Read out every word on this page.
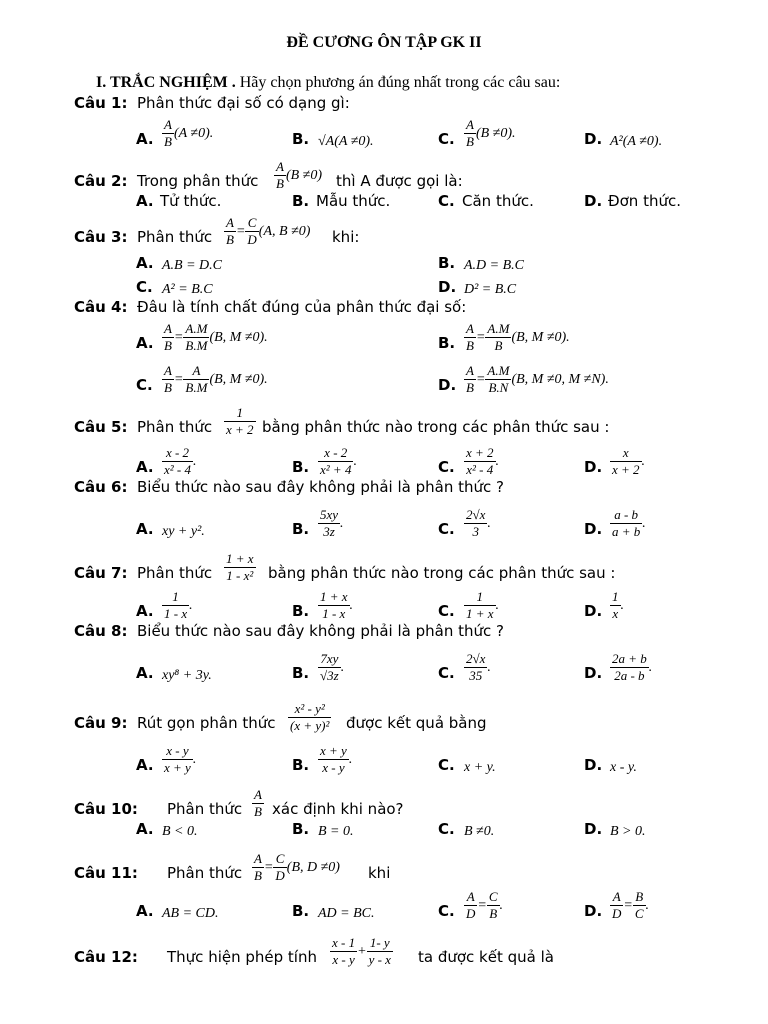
ĐỀ CƯƠNG ÔN TẬP GK II
I. TRẮC NGHIỆM . Hãy chọn phương án đúng nhất trong các câu sau:
Câu 1: Phân thức đại số có dạng gì:
A. $\frac{A}{B} (A \ne 0)$.	B. √A(A ≠0).	C. $\frac{A}{B} (B \ne 0)$.	D. A²(A ≠0).
Câu 2: Trong phân thức $\frac{A}{B} (B \ne 0)$ thì A được gọi là:
A. Tử thức.	B. Mẫu thức.	C. Căn thức.	D. Đơn thức.
Câu 3: Phân thức $\frac{A}{B} = \frac{C}{D} (A$, B ≠0) khi:
A. A.B = D.C	B. A.D = B.C
C. A² = B.C	D. D² = B.C
Câu 4: Đâu là tính chất đúng của phân thức đại số:
A. $\frac{A}{B} = \frac{A.M}{B.M} (B$, M ≠0).	B. $\frac{A}{B} = \frac{A.M}{B} (B$, M ≠0).
C. $\frac{A}{B} = \frac{A}{B.M} (B$, M ≠0).	D. $\frac{A}{B} = \frac{A.M}{B.N} (B$, M ≠0, M ≠N).
Câu 5: Phân thức $\frac{1}{x + 2}$ bằng phân thức nào trong các phân thức sau :
A. $\frac{x - 2}{\text{x² - 4}}$ .	B. $\frac{x - 2}{\text{x² + 4}}$ .	C. $\frac{x + 2}{\text{x² - 4}}$ .	D. $\frac{x}{x + 2}$ .
Câu 6: Biểu thức nào sau đây không phải là phân thức ?
A. xy + y².	B. $\frac{5xy}{3z}$ .	C. $\frac{2√x}{3}$ .	D. $\frac{a - b}{a + b}$ .
Câu 7: Phân thức $\frac{1 + x}{\text{1 - x²}}$ bằng phân thức nào trong các phân thức sau :
A. $\frac{1}{1 - x}$ .	B. $\frac{1 + x}{1 - x}$ .	C. $\frac{1}{1 + x}$ .	D. $\frac{1}{x}$ .
Câu 8: Biểu thức nào sau đây không phải là phân thức ?
A. xy⁸ + 3y.	B. $\frac{7xy}{√3z}$ .	C. $\frac{2√x}{35}$ .	D. $\frac{2a + b}{2a - b}$ .
Câu 9: Rút gọn phân thức $\frac{\text{x² - y²}}{\text{(x + y)²}}$ được kết quả bằng
A. $\frac{x - y}{x + y}$ .	B. $\frac{x + y}{x - y}$ .	C. x + y.	D. x - y.
Câu 10: Phân thức $\frac{A}{B}$ xác định khi nào?
A. B < 0.	B. B = 0.	C. B ≠0.	D. B > 0.
Câu 11: Phân thức $\frac{A}{B} = \frac{C}{D} (B$, D ≠0) khi
A. AB = CD.	B. AD = BC.	C. $\frac{A}{D} = \frac{C}{B}$ .	D. $\frac{A}{D} = \frac{B}{C}$ .
Câu 12: Thực hiện phép tính $\frac{x - 1}{x - y} + \frac{1- y}{y - x}$ ta được kết quả là
